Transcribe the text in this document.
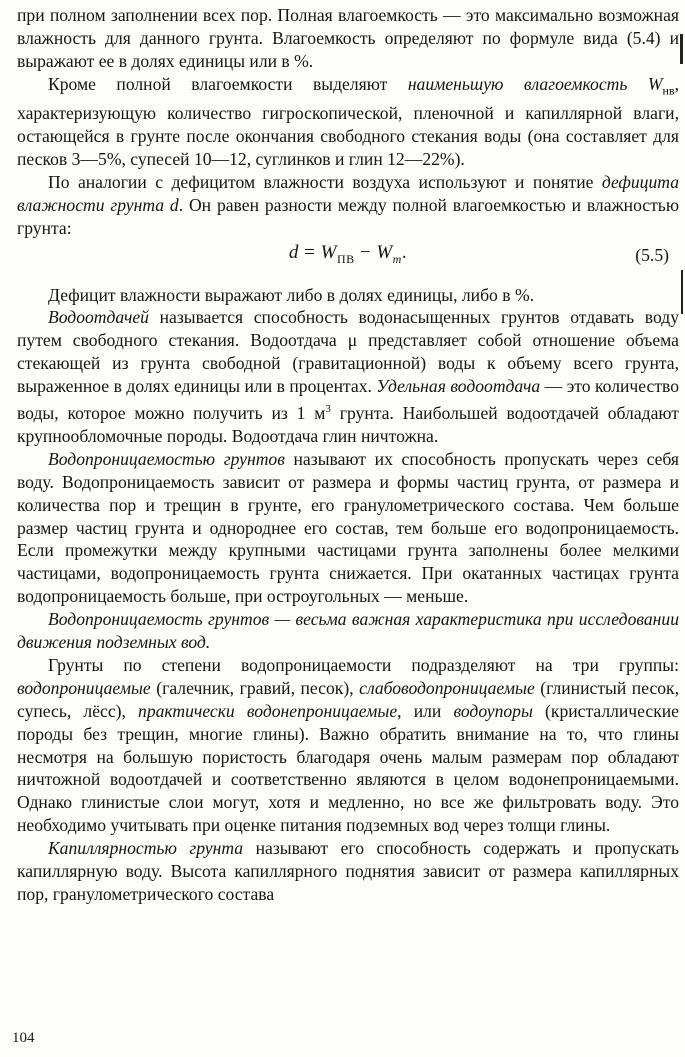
при полном заполнении всех пор. Полная влагоемкость — это максимально возможная влажность для данного грунта. Влагоемкость определяют по формуле вида (5.4) и выражают ее в долях единицы или в %.

Кроме полной влагоемкости выделяют наименьшую влагоемкость $W_{нв}$, характеризующую количество гигроскопической, пленочной и капиллярной влаги, остающейся в грунте после окончания свободного стекания воды (она составляет для песков 3—5%, супесей 10—12, суглинков и глин 12—22%).

По аналогии с дефицитом влажности воздуха используют и понятие дефицита влажности грунта d. Он равен разности между полной влагоемкостью и влажностью грунта:

$d = W_{ПВ} - W_m$.	(5.5)

Дефицит влажности выражают либо в долях единицы, либо в %.

Водоотдачей называется способность водонасыщенных грунтов отдавать воду путем свободного стекания. Водоотдача μ представляет собой отношение объема стекающей из грунта свободной (гравитационной) воды к объему всего грунта, выраженное в долях единицы или в процентах. Удельная водоотдача — это количество воды, которое можно получить из 1 $м^3$ грунта. Наибольшей водоотдачей обладают крупнообломочные породы. Водоотдача глин ничтожна.

Водопроницаемостью грунтов называют их способность пропускать через себя воду. Водопроницаемость зависит от размера и формы частиц грунта, от размера и количества пор и трещин в грунте, его гранулометрического состава. Чем больше размер частиц грунта и однороднее его состав, тем больше его водопроницаемость. Если промежутки между крупными частицами грунта заполнены более мелкими частицами, водопроницаемость грунта снижается. При окатанных частицах грунта водопроницаемость больше, при остроугольных — меньше.

Водопроницаемость грунтов — весьма важная характеристика при исследовании движения подземных вод.

Грунты по степени водопроницаемости подразделяют на три группы: водопроницаемые (галечник, гравий, песок), слабоводопроницаемые (глинистый песок, супесь, лёсс), практически водонепроницаемые, или водоупоры (кристаллические породы без трещин, многие глины). Важно обратить внимание на то, что глины несмотря на большую пористость благодаря очень малым размерам пор обладают ничтожной водоотдачей и соответственно являются в целом водонепроницаемыми. Однако глинистые слои могут, хотя и медленно, но все же фильтровать воду. Это необходимо учитывать при оценке питания подземных вод через толщи глины.

Капиллярностью грунта называют его способность содержать и пропускать капиллярную воду. Высота капиллярного поднятия зависит от размера капиллярных пор, гранулометрического состава

104
